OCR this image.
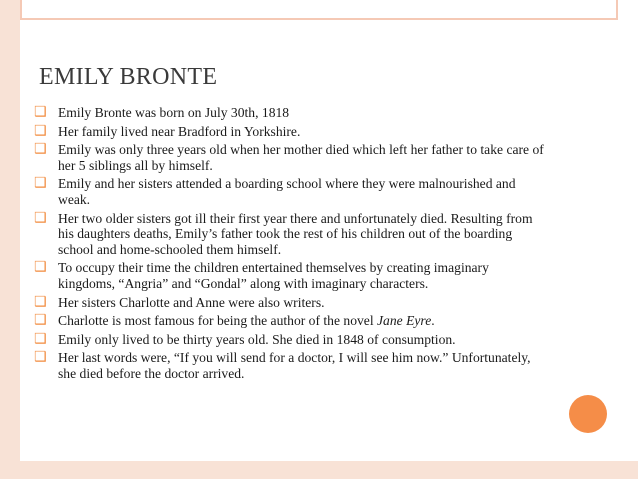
EMILY BRONTE
❑ Emily Bronte was born on July 30th, 1818
❑ Her family lived near Bradford in Yorkshire.
❑ Emily was only three years old when her mother died which left her father to take care of her 5 siblings all by himself.
❑ Emily and her sisters attended a boarding school where they were malnourished and weak.
❑ Her two older sisters got ill their first year there and unfortunately died. Resulting from his daughters deaths, Emily’s father took the rest of his children out of the boarding school and home-schooled them himself.
❑ To occupy their time the children entertained themselves by creating imaginary kingdoms, “Angria” and “Gondal” along with imaginary characters.
❑ Her sisters Charlotte and Anne were also writers.
❑ Charlotte is most famous for being the author of the novel Jane Eyre.
❑ Emily only lived to be thirty years old. She died in 1848 of consumption.
❑ Her last words were, “If you will send for a doctor, I will see him now.” Unfortunately, she died before the doctor arrived.
